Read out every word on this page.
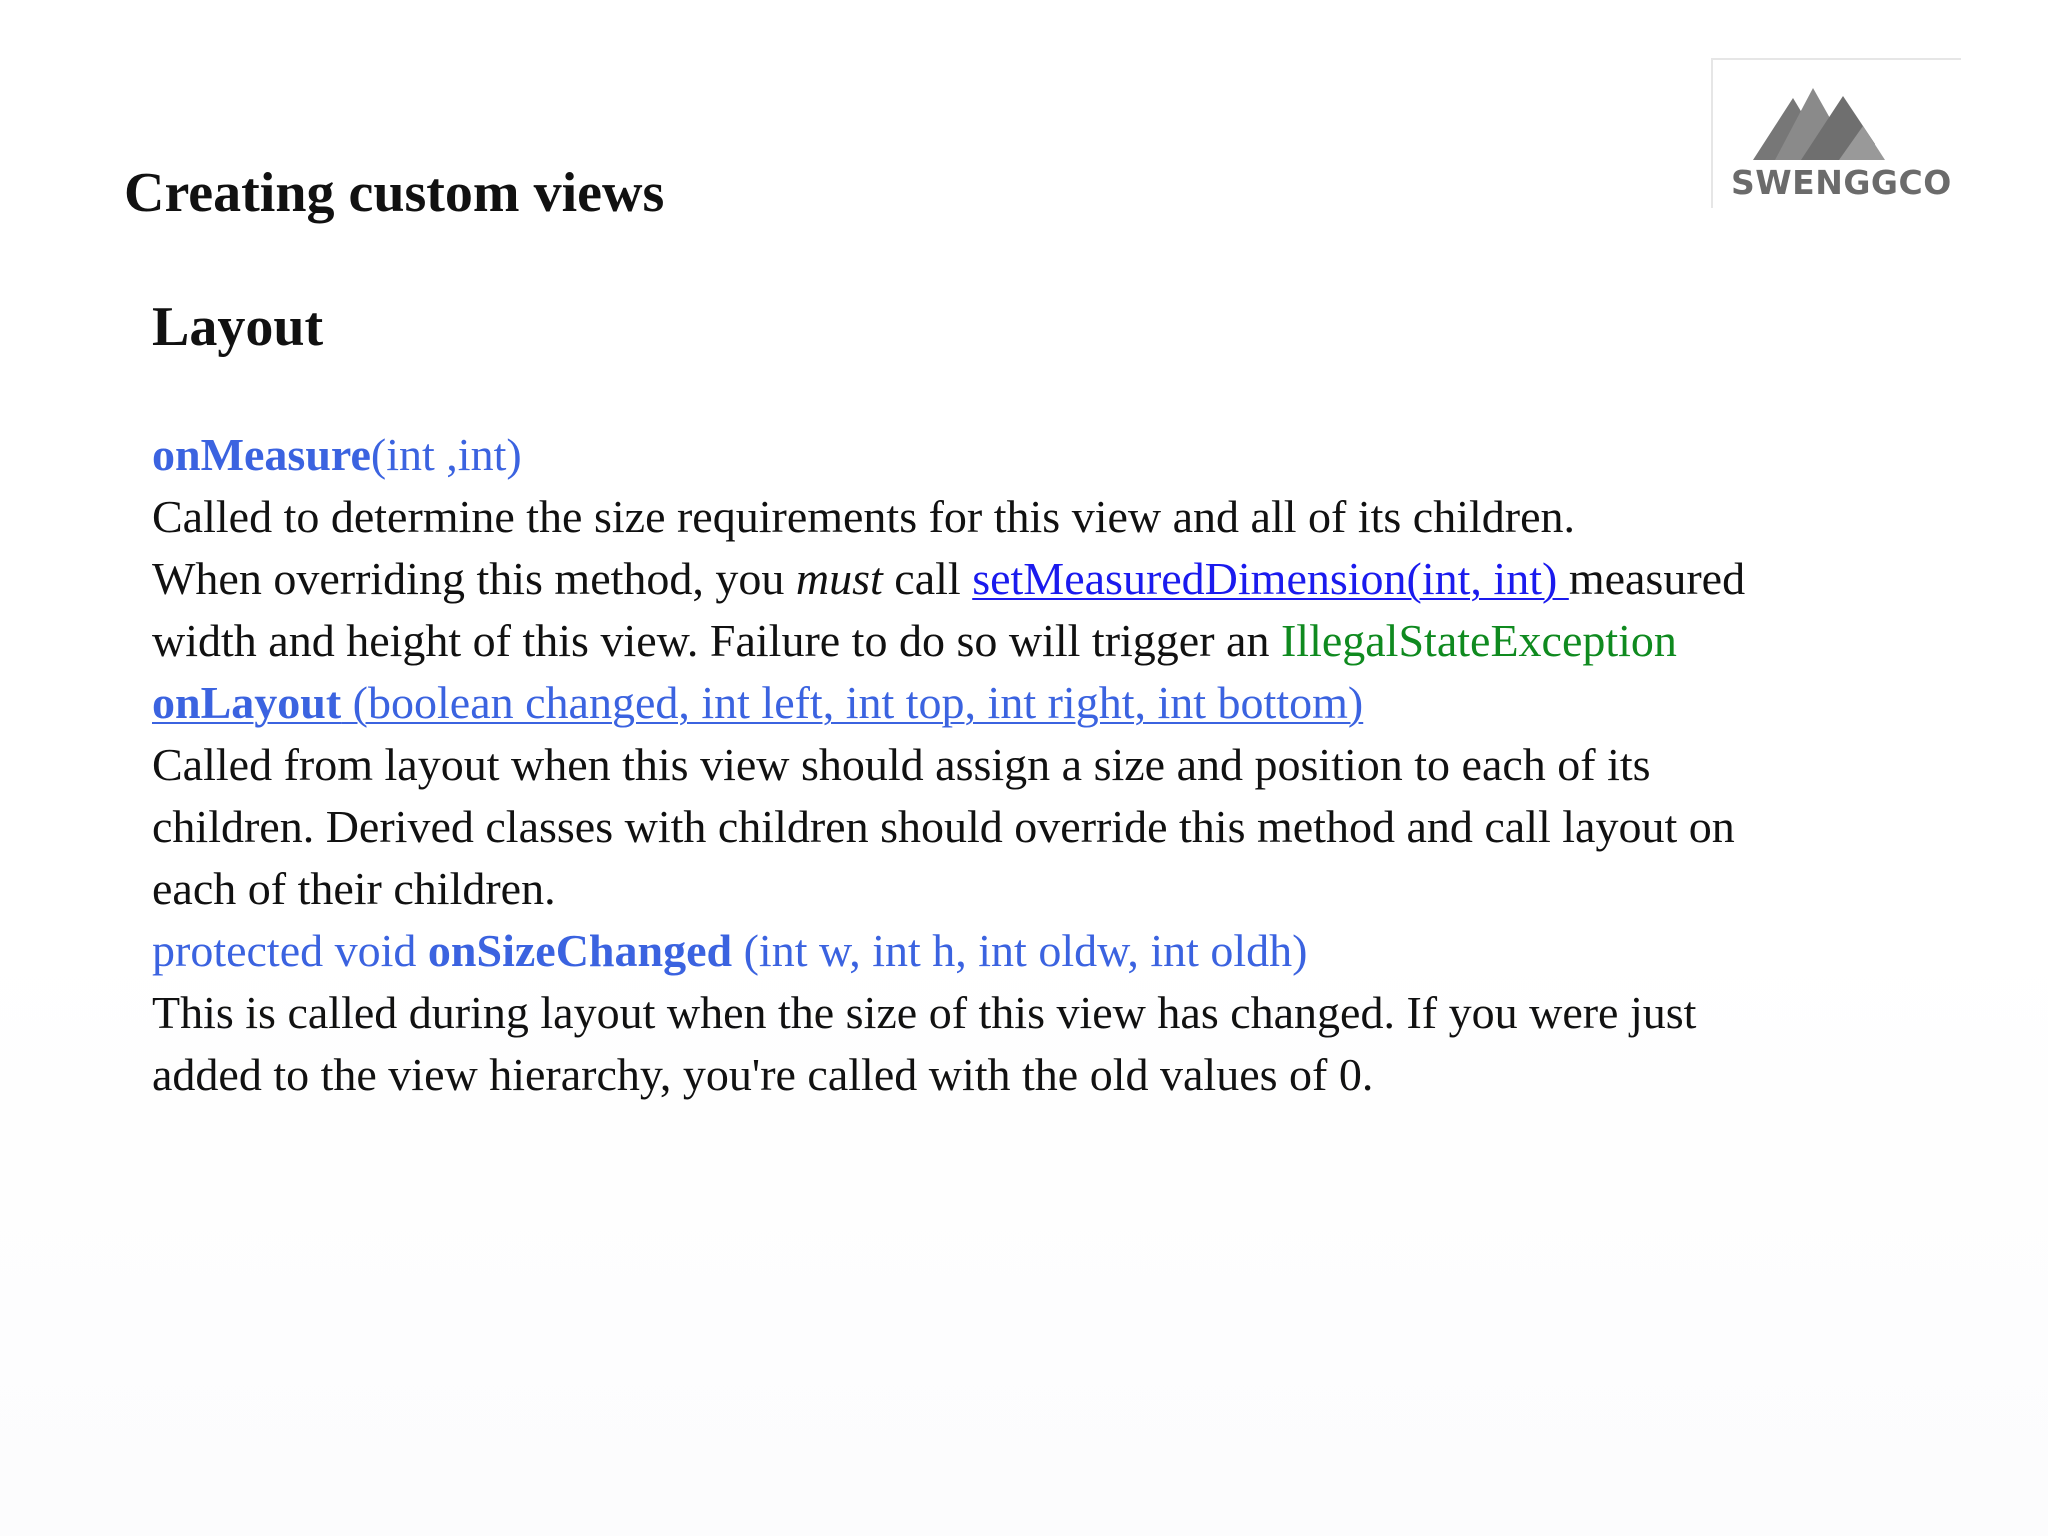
Creating custom views	SWENGGCO
Layout
onMeasure(int ,int)
Called to determine the size requirements for this view and all of its children.
When overriding this method, you must call setMeasuredDimension(int, int) measured
width and height of this view. Failure to do so will trigger an IllegalStateException
onLayout (boolean changed, int left, int top, int right, int bottom)
Called from layout when this view should assign a size and position to each of its
children. Derived classes with children should override this method and call layout on
each of their children.
protected void onSizeChanged (int w, int h, int oldw, int oldh)
This is called during layout when the size of this view has changed. If you were just
added to the view hierarchy, you're called with the old values of 0.
